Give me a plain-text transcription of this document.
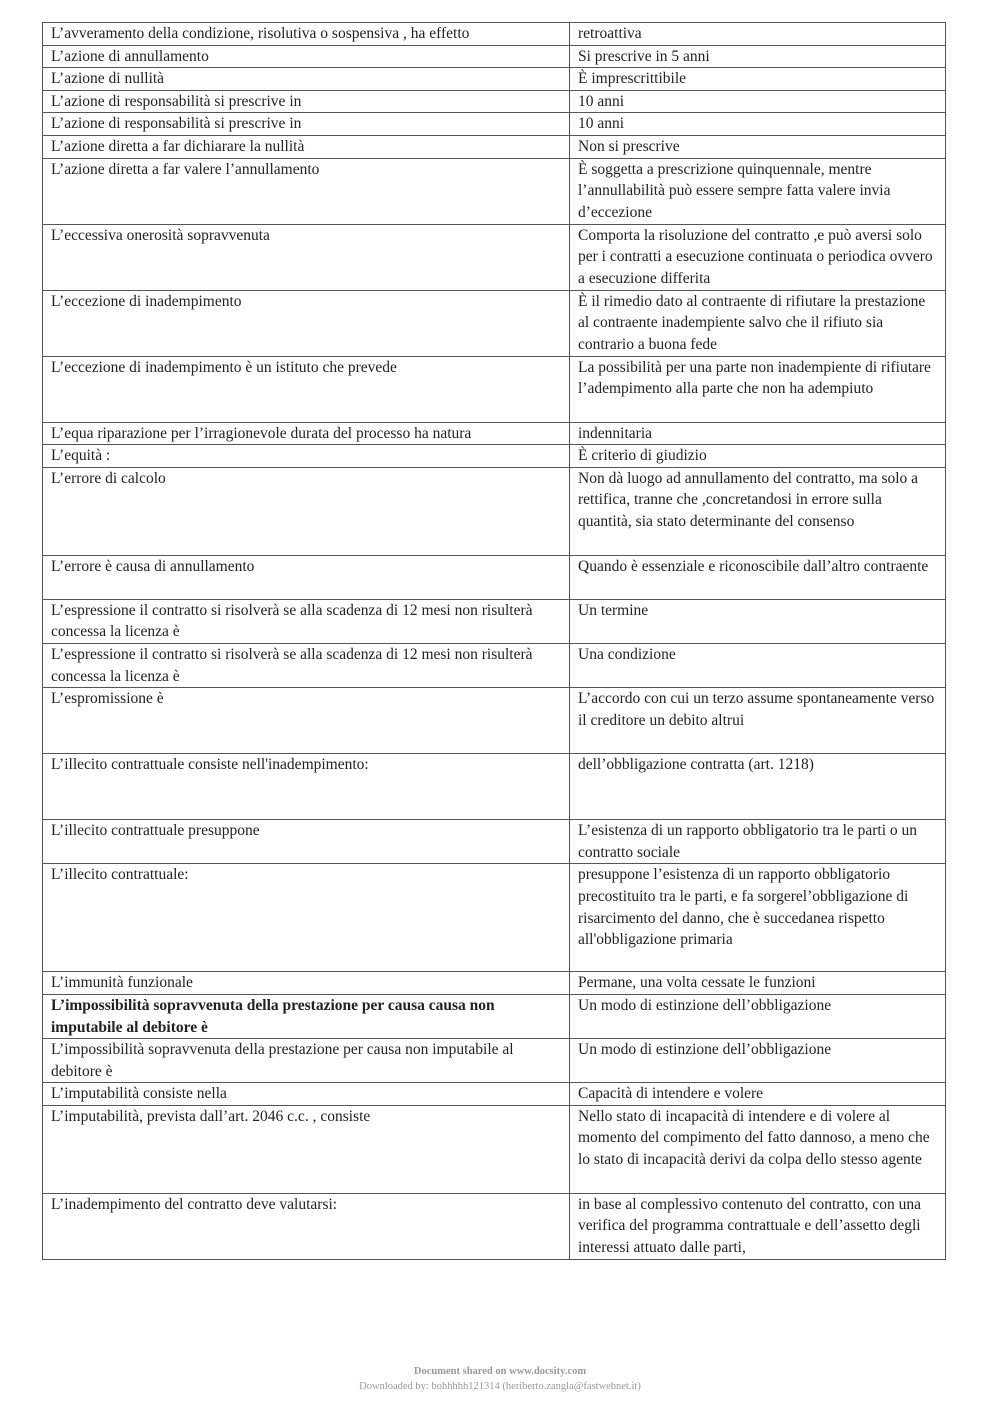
L’avveramento della condizione, risolutiva o sospensiva , ha effetto	retroattiva
L’azione di annullamento	Si prescrive in 5 anni
L’azione di nullità	È imprescrittibile
L’azione di responsabilità si prescrive in	10 anni
L’azione di responsabilità si prescrive in	10 anni
L’azione diretta a far dichiarare la nullità	Non si prescrive
L’azione diretta a far valere l’annullamento	È soggetta a prescrizione quinquennale, mentre l’annullabilità può essere sempre fatta valere invia d’eccezione
L’eccessiva onerosità sopravvenuta	Comporta la risoluzione del contratto ,e può aversi solo per i contratti a esecuzione continuata o periodica ovvero a esecuzione differita
L’eccezione di inadempimento	È il rimedio dato al contraente di rifiutare la prestazione al contraente inadempiente salvo che il rifiuto sia contrario a buona fede
L’eccezione di inadempimento è un istituto che prevede	La possibilità per una parte non inadempiente di rifiutare l’adempimento alla parte che non ha adempiuto
L’equa riparazione per l’irragionevole durata del processo ha natura	indennitaria
L’equità :	È criterio di giudizio
L’errore di calcolo	Non dà luogo ad annullamento del contratto, ma solo a rettifica, tranne che ,concretandosi in errore sulla quantità, sia stato determinante del consenso
L’errore è causa di annullamento	Quando è essenziale e riconoscibile dall’altro contraente
L’espressione il contratto si risolverà se alla scadenza di 12 mesi non risulterà concessa la licenza è	Un termine
L’espressione il contratto si risolverà se alla scadenza di 12 mesi non risulterà concessa la licenza è	Una condizione
L’espromissione è	L’accordo con cui un terzo assume spontaneamente verso il creditore un debito altrui
L’illecito contrattuale consiste nell'inadempimento:	dell’obbligazione contratta (art. 1218)
L’illecito contrattuale presuppone	L’esistenza di un rapporto obbligatorio tra le parti o un contratto sociale
L’illecito contrattuale:	presuppone l’esistenza di un rapporto obbligatorio precostituito tra le parti, e fa sorgerel’obbligazione di risarcimento del danno, che è succedanea rispetto all'obbligazione primaria
L’immunità funzionale	Permane, una volta cessate le funzioni
L’impossibilità sopravvenuta della prestazione per causa causa non imputabile al debitore è	Un modo di estinzione dell’obbligazione
L’impossibilità sopravvenuta della prestazione per causa non imputabile al debitore è	Un modo di estinzione dell’obbligazione
L’imputabilità consiste nella	Capacità di intendere e volere
L’imputabilità, prevista dall’art. 2046 c.c. , consiste	Nello stato di incapacità di intendere e di volere al momento del compimento del fatto dannoso, a meno che lo stato di incapacità derivi da colpa dello stesso agente
L’inadempimento del contratto deve valutarsi:	in base al complessivo contenuto del contratto, con una verifica del programma contrattuale e dell’assetto degli interessi attuato dalle parti,
Document shared on www.docsity.com
Downloaded by: bohhhhh121314 (heriberto.zangla@fastwebnet.it)
